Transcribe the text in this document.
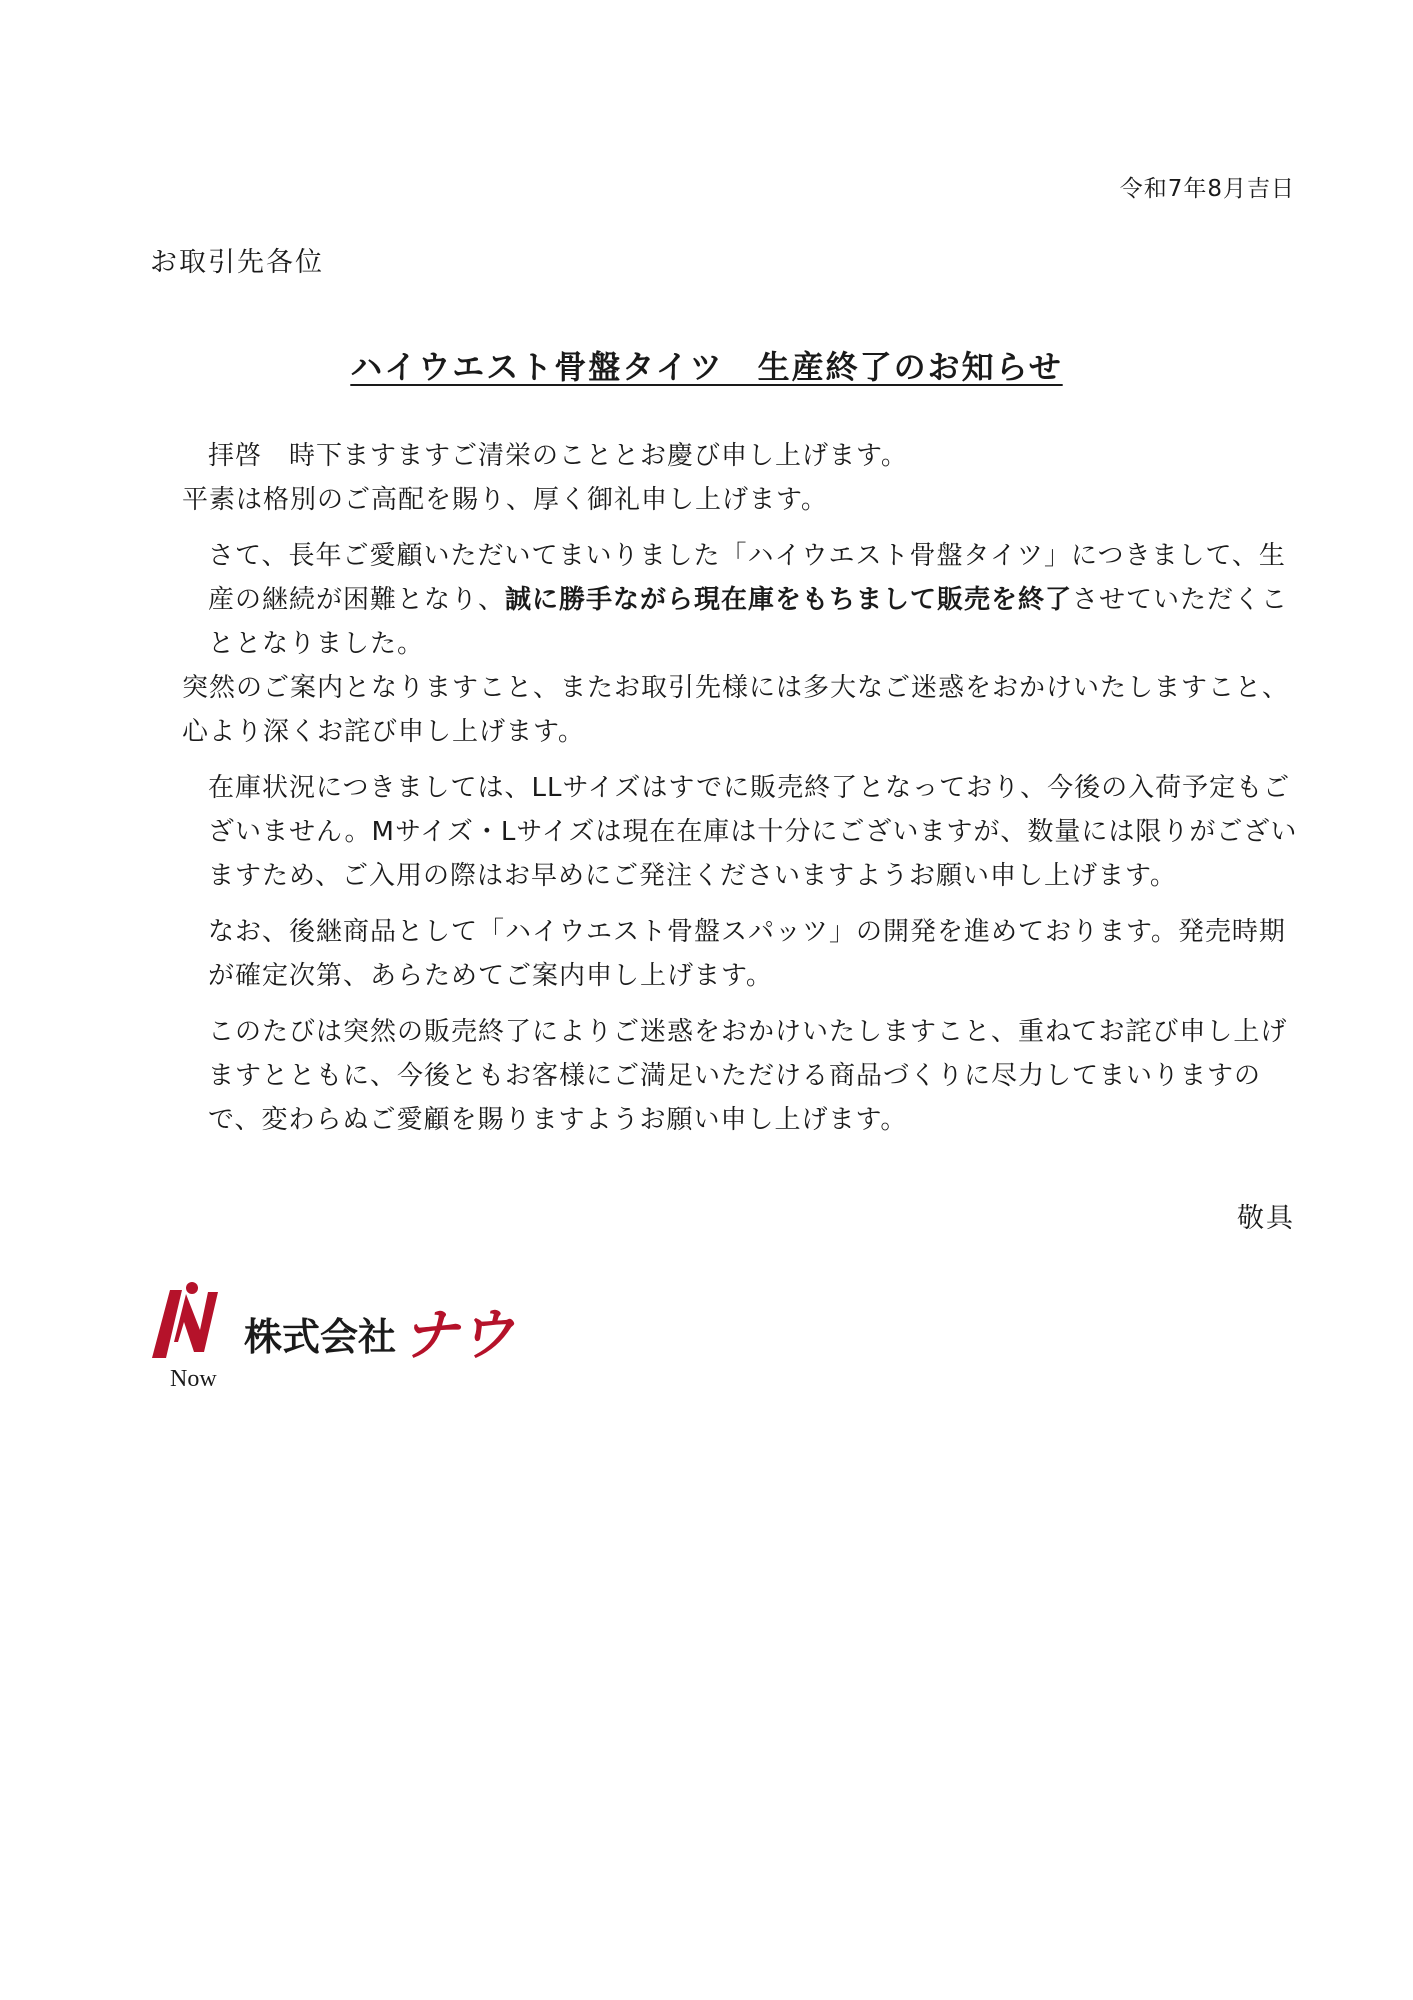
令和7年8月吉日
お取引先各位
ハイウエスト骨盤タイツ　生産終了のお知らせ

拝啓　時下ますますご清栄のこととお慶び申し上げます。

平素は格別のご高配を賜り、厚く御礼申し上げます。

さて、長年ご愛顧いただいてまいりました「ハイウエスト骨盤タイツ」につきまして、生産の継続が困難となり、誠に勝手ながら現在庫をもちまして販売を終了させていただくこととなりました。

突然のご案内となりますこと、またお取引先様には多大なご迷惑をおかけいたしますこと、心より深くお詫び申し上げます。

在庫状況につきましては、LLサイズはすでに販売終了となっており、今後の入荷予定もございません。Mサイズ・Lサイズは現在在庫は十分にございますが、数量には限りがございますため、ご入用の際はお早めにご発注くださいますようお願い申し上げます。

なお、後継商品として「ハイウエスト骨盤スパッツ」の開発を進めております。発売時期が確定次第、あらためてご案内申し上げます。

このたびは突然の販売終了によりご迷惑をおかけいたしますこと、重ねてお詫び申し上げますとともに、今後ともお客様にご満足いただける商品づくりに尽力してまいりますので、変わらぬご愛顧を賜りますようお願い申し上げます。

敬具
Now
株式会社 ナウ
